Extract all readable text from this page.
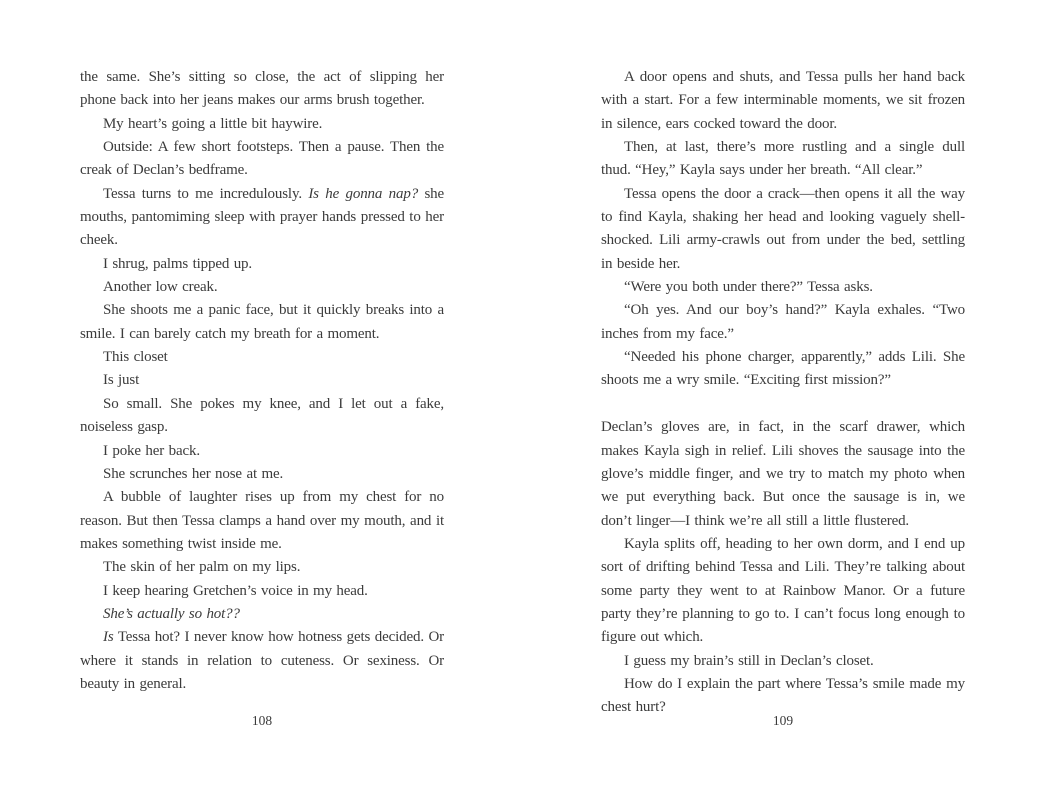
the same. She’s sitting so close, the act of slipping her phone back into her jeans makes our arms brush together.

My heart’s going a little bit haywire.

Outside: A few short footsteps. Then a pause. Then the creak of Declan’s bedframe.

Tessa turns to me incredulously. Is he gonna nap? she mouths, pantomiming sleep with prayer hands pressed to her cheek.

I shrug, palms tipped up.

Another low creak.

She shoots me a panic face, but it quickly breaks into a smile. I can barely catch my breath for a moment.

This closet

Is just

So small. She pokes my knee, and I let out a fake, noiseless gasp.

I poke her back.

She scrunches her nose at me.

A bubble of laughter rises up from my chest for no reason. But then Tessa clamps a hand over my mouth, and it makes something twist inside me.

The skin of her palm on my lips.

I keep hearing Gretchen’s voice in my head.

She’s actually so hot??

Is Tessa hot? I never know how hotness gets decided. Or where it stands in relation to cuteness. Or sexiness. Or beauty in general.

A door opens and shuts, and Tessa pulls her hand back with a start. For a few interminable moments, we sit frozen in silence, ears cocked toward the door.

Then, at last, there’s more rustling and a single dull thud. “Hey,” Kayla says under her breath. “All clear.”

Tessa opens the door a crack—then opens it all the way to find Kayla, shaking her head and looking vaguely shell-shocked. Lili army-crawls out from under the bed, settling in beside her.

“Were you both under there?” Tessa asks.

“Oh yes. And our boy’s hand?” Kayla exhales. “Two inches from my face.”

“Needed his phone charger, apparently,” adds Lili. She shoots me a wry smile. “Exciting first mission?”

Declan’s gloves are, in fact, in the scarf drawer, which makes Kayla sigh in relief. Lili shoves the sausage into the glove’s middle finger, and we try to match my photo when we put everything back. But once the sausage is in, we don’t linger—I think we’re all still a little flustered.

Kayla splits off, heading to her own dorm, and I end up sort of drifting behind Tessa and Lili. They’re talking about some party they went to at Rainbow Manor. Or a future party they’re planning to go to. I can’t focus long enough to figure out which.

I guess my brain’s still in Declan’s closet.

How do I explain the part where Tessa’s smile made my chest hurt?

108	109
